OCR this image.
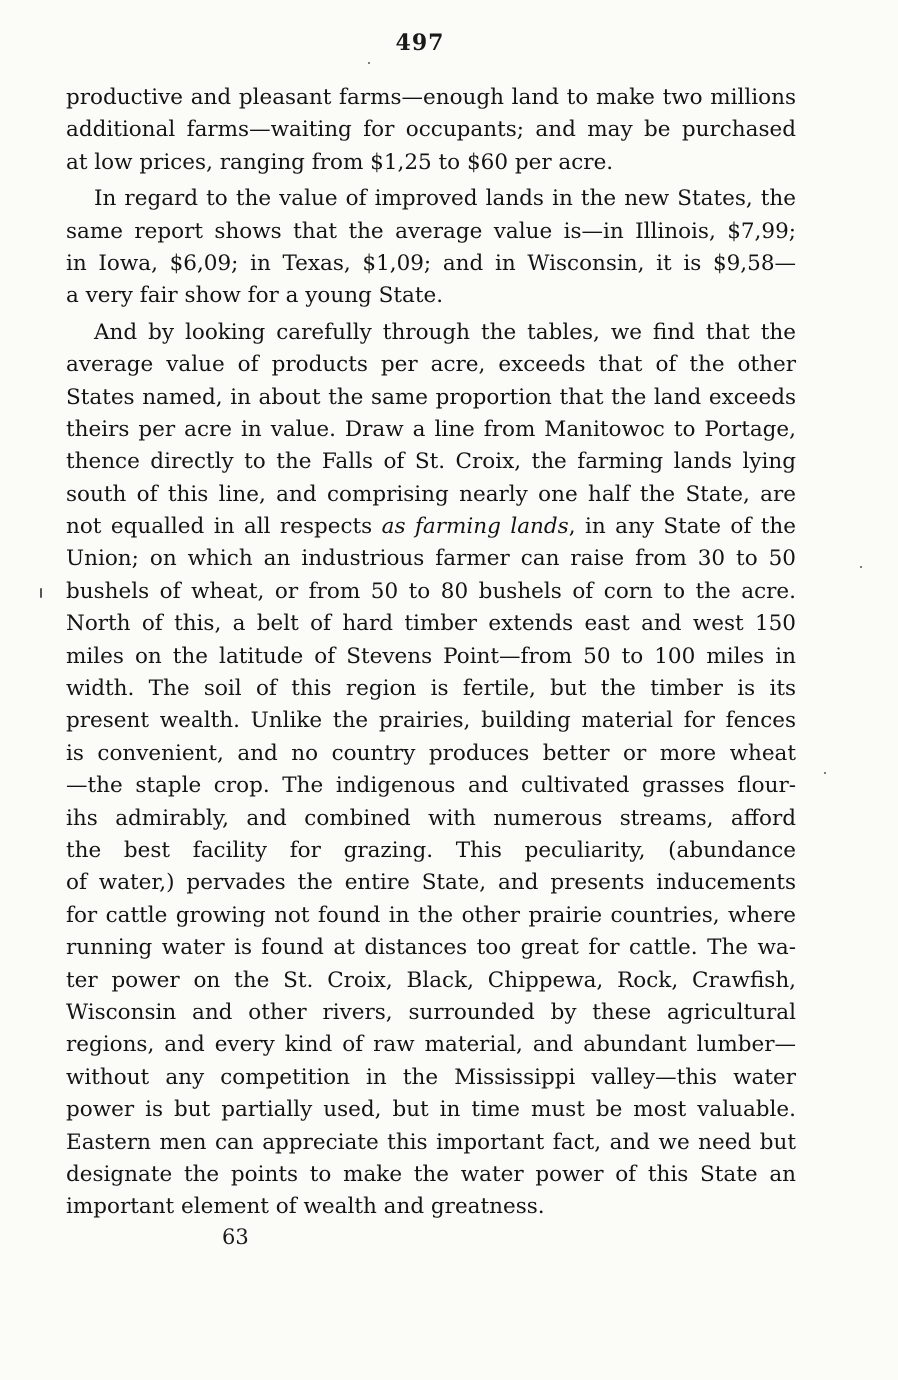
497
productive and pleasant farms—enough land to make two millions
additional farms—waiting for occupants; and may be purchased
at low prices, ranging from $1,25 to $60 per acre.
In regard to the value of improved lands in the new States, the
same report shows that the average value is—in Illinois, $7,99;
in Iowa, $6,09; in Texas, $1,09; and in Wisconsin, it is $9,58—
a very fair show for a young State.
And by looking carefully through the tables, we find that the
average value of products per acre, exceeds that of the other
States named, in about the same proportion that the land exceeds
theirs per acre in value. Draw a line from Manitowoc to Portage,
thence directly to the Falls of St. Croix, the farming lands lying
south of this line, and comprising nearly one half the State, are
not equalled in all respects as farming lands, in any State of the
Union; on which an industrious farmer can raise from 30 to 50
bushels of wheat, or from 50 to 80 bushels of corn to the acre.
North of this, a belt of hard timber extends east and west 150
miles on the latitude of Stevens Point—from 50 to 100 miles in
width. The soil of this region is fertile, but the timber is its
present wealth. Unlike the prairies, building material for fences
is convenient, and no country produces better or more wheat
—the staple crop. The indigenous and cultivated grasses flour-
ihs admirably, and combined with numerous streams, afford
the best facility for grazing. This peculiarity, (abundance
of water,) pervades the entire State, and presents inducements
for cattle growing not found in the other prairie countries, where
running water is found at distances too great for cattle. The wa-
ter power on the St. Croix, Black, Chippewa, Rock, Crawfish,
Wisconsin and other rivers, surrounded by these agricultural
regions, and every kind of raw material, and abundant lumber—
without any competition in the Mississippi valley—this water
power is but partially used, but in time must be most valuable.
Eastern men can appreciate this important fact, and we need but
designate the points to make the water power of this State an
important element of wealth and greatness.
63
